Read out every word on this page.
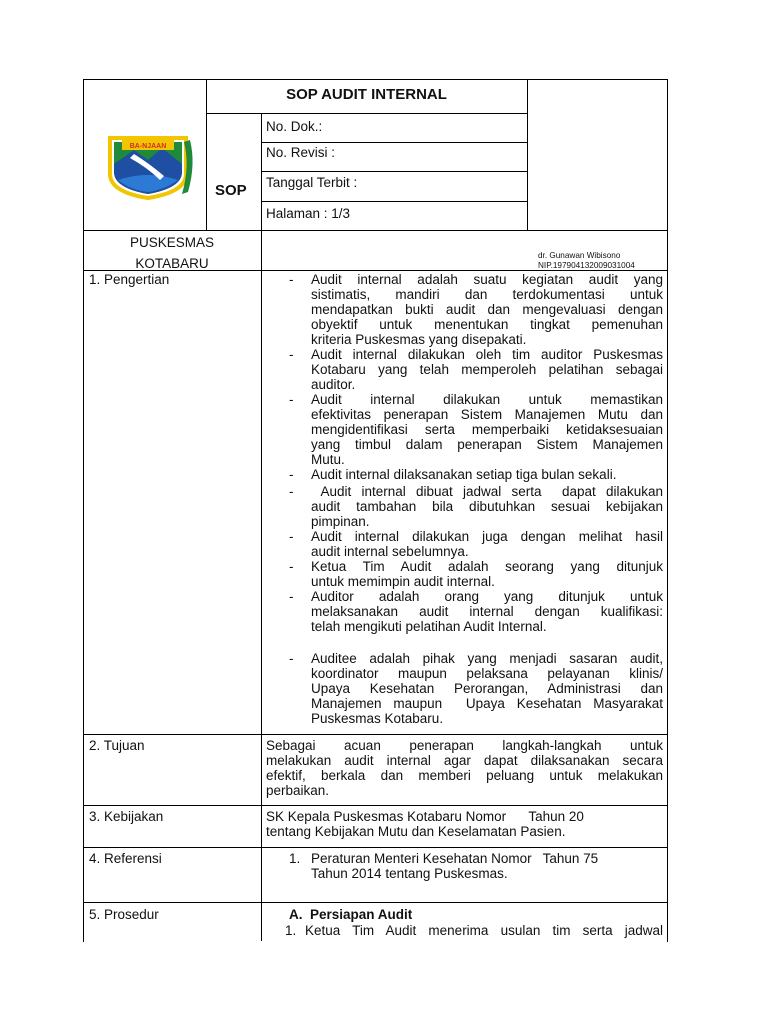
BA-NJAAN
SOP AUDIT INTERNAL
SOP
No. Dok.:
No. Revisi :
Tanggal Terbit :
Halaman : 1/3
PUSKESMAS
KOTABARU
dr. Gunawan Wibisono
NIP.197904132009031004
1. Pengertian
2. Tujuan
3. Kebijakan
4. Referensi
5. Prosedur
- Audit internal adalah suatu kegiatan audit yang
sistimatis, mandiri dan terdokumentasi untuk
mendapatkan bukti audit dan mengevaluasi dengan
obyektif untuk menentukan tingkat pemenuhan
kriteria Puskesmas yang disepakati.
- Audit internal dilakukan oleh tim auditor Puskesmas
Kotabaru yang telah memperoleh pelatihan sebagai
auditor.
- Audit internal dilakukan untuk memastikan
efektivitas penerapan Sistem Manajemen Mutu dan
mengidentifikasi serta memperbaiki ketidaksesuaian
yang timbul dalam penerapan Sistem Manajemen
Mutu.
- Audit internal dilaksanakan setiap tiga bulan sekali.
- Audit internal dibuat jadwal serta  dapat dilakukan
audit tambahan bila dibutuhkan sesuai kebijakan
pimpinan.
- Audit internal dilakukan juga dengan melihat hasil
audit internal sebelumnya.
- Ketua Tim Audit adalah seorang yang ditunjuk
untuk memimpin audit internal.
- Auditor adalah orang yang ditunjuk untuk
melaksanakan audit internal dengan kualifikasi:
telah mengikuti pelatihan Audit Internal.
- Auditee adalah pihak yang menjadi sasaran audit,
koordinator maupun pelaksana pelayanan klinis/
Upaya Kesehatan Perorangan, Administrasi dan
Manajemen maupun  Upaya Kesehatan Masyarakat
Puskesmas Kotabaru.
Sebagai acuan penerapan langkah-langkah untuk
melakukan audit internal agar dapat dilaksanakan secara
efektif, berkala dan memberi peluang untuk melakukan
perbaikan.
SK Kepala Puskesmas Kotabaru Nomor      Tahun 20
tentang Kebijakan Mutu dan Keselamatan Pasien.
1. Peraturan Menteri Kesehatan Nomor   Tahun 75
Tahun 2014 tentang Puskesmas.
A.  Persiapan Audit
1. Ketua Tim Audit menerima usulan tim serta jadwal
